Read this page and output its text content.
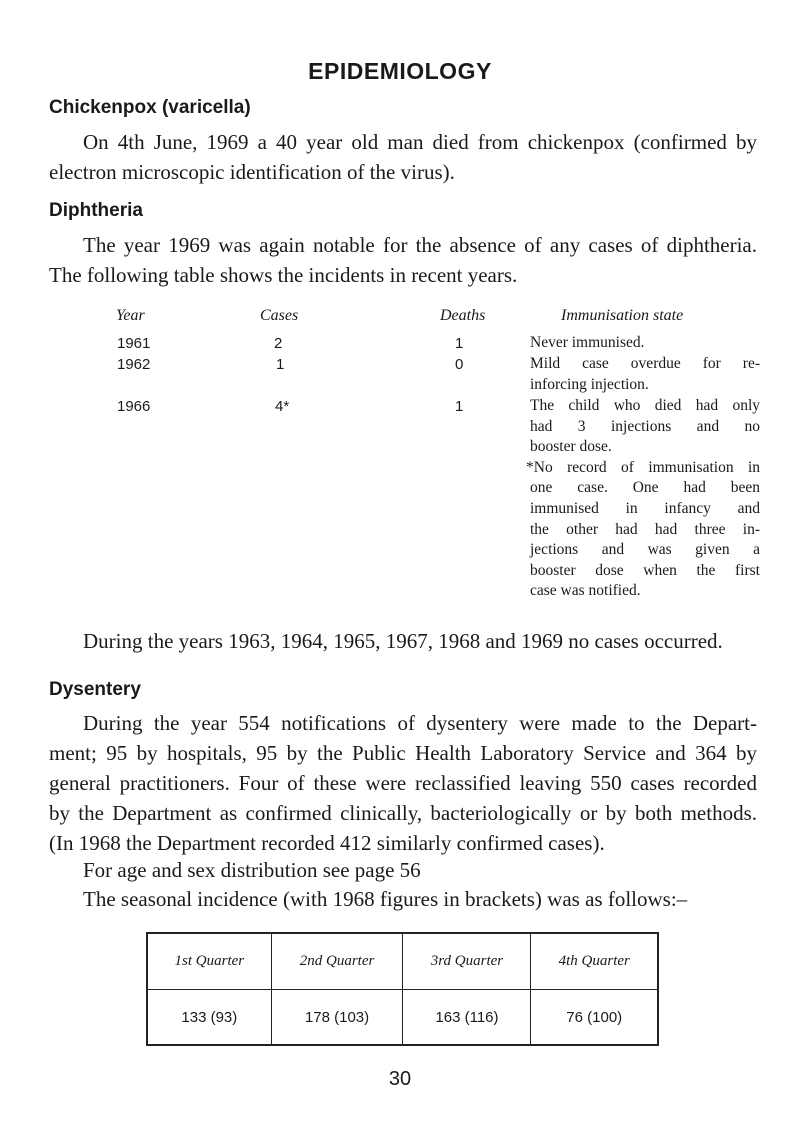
EPIDEMIOLOGY
Chickenpox (varicella)
On 4th June, 1969 a 40 year old man died from chickenpox (confirmed by
electron microscopic identification of the virus).
Diphtheria
The year 1969 was again notable for the absence of any cases of diphtheria.
The following table shows the incidents in recent years.
Year	Cases	Deaths	Immunisation state
1961	2	1	Never immunised.
1962	1	0	Mild case overdue for re-
inforcing injection.
1966	4*	1	The child who died had only
had 3 injections and no
booster dose.
*No record of immunisation in
one case. One had been
immunised in infancy and
the other had had three in-
jections and was given a
booster dose when the first
case was notified.
During the years 1963, 1964, 1965, 1967, 1968 and 1969 no cases occurred.
Dysentery
During the year 554 notifications of dysentery were made to the Depart-
ment; 95 by hospitals, 95 by the Public Health Laboratory Service and 364 by
general practitioners. Four of these were reclassified leaving 550 cases recorded
by the Department as confirmed clinically, bacteriologically or by both methods.
(In 1968 the Department recorded 412 similarly confirmed cases).
For age and sex distribution see page 56
The seasonal incidence (with 1968 figures in brackets) was as follows:–
1st Quarter	2nd Quarter	3rd Quarter	4th Quarter
133 (93)	178 (103)	163 (116)	76 (100)
30
